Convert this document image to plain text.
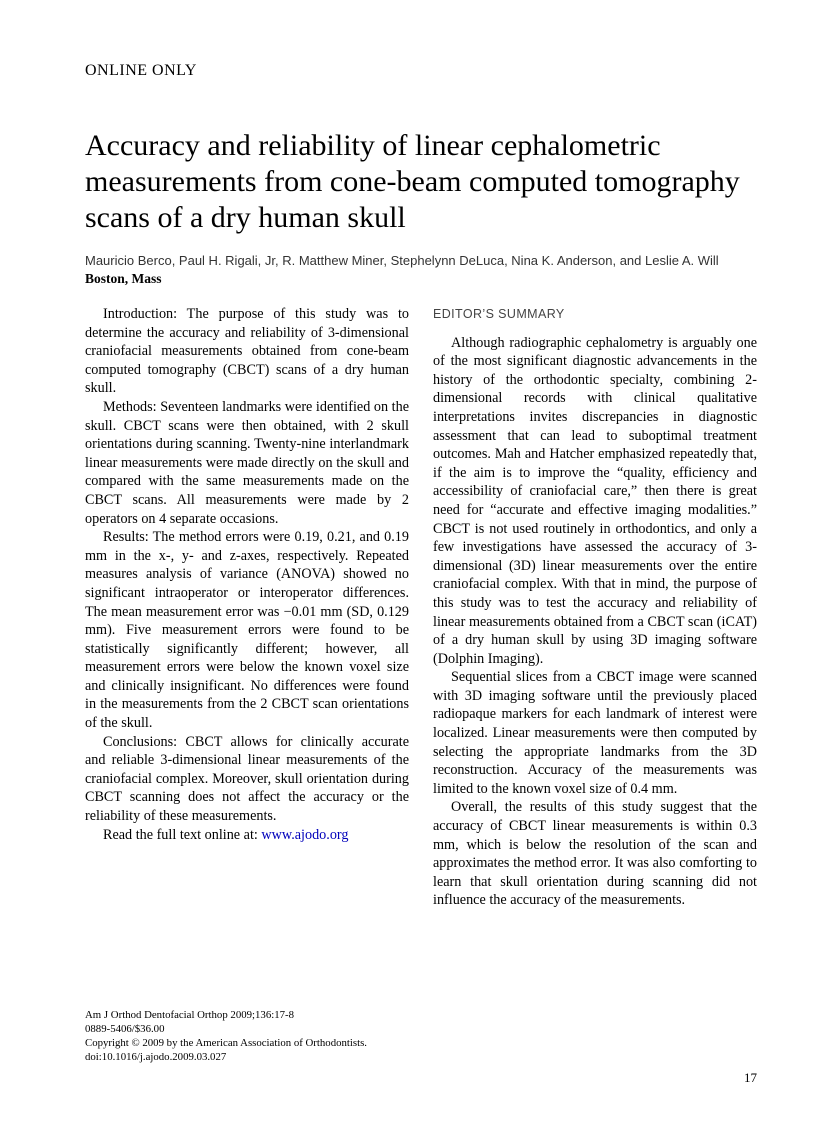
ONLINE ONLY
Accuracy and reliability of linear cephalometric measurements from cone-beam computed tomography scans of a dry human skull
Mauricio Berco, Paul H. Rigali, Jr, R. Matthew Miner, Stephelynn DeLuca, Nina K. Anderson, and Leslie A. Will
Boston, Mass

Introduction: The purpose of this study was to determine the accuracy and reliability of 3-dimensional craniofacial measurements obtained from cone-beam computed tomography (CBCT) scans of a dry human skull.

Methods: Seventeen landmarks were identified on the skull. CBCT scans were then obtained, with 2 skull orientations during scanning. Twenty-nine interlandmark linear measurements were made directly on the skull and compared with the same measurements made on the CBCT scans. All measurements were made by 2 operators on 4 separate occasions.

Results: The method errors were 0.19, 0.21, and 0.19 mm in the x-, y- and z-axes, respectively. Repeated measures analysis of variance (ANOVA) showed no significant intraoperator or interoperator differences. The mean measurement error was −0.01 mm (SD, 0.129 mm). Five measurement errors were found to be statistically significantly different; however, all measurement errors were below the known voxel size and clinically insignificant. No differences were found in the measurements from the 2 CBCT scan orientations of the skull.

Conclusions: CBCT allows for clinically accurate and reliable 3-dimensional linear measurements of the craniofacial complex. Moreover, skull orientation during CBCT scanning does not affect the accuracy or the reliability of these measurements.

Read the full text online at: www.ajodo.org

EDITOR’S SUMMARY

Although radiographic cephalometry is arguably one of the most significant diagnostic advancements in the history of the orthodontic specialty, combining 2-dimensional records with clinical qualitative interpretations invites discrepancies in diagnostic assessment that can lead to suboptimal treatment outcomes. Mah and Hatcher emphasized repeatedly that, if the aim is to improve the “quality, efficiency and accessibility of craniofacial care,” then there is great need for “accurate and effective imaging modalities.” CBCT is not used routinely in orthodontics, and only a few investigations have assessed the accuracy of 3-dimensional (3D) linear measurements over the entire craniofacial complex. With that in mind, the purpose of this study was to test the accuracy and reliability of linear measurements obtained from a CBCT scan (iCAT) of a dry human skull by using 3D imaging software (Dolphin Imaging).

Sequential slices from a CBCT image were scanned with 3D imaging software until the previously placed radiopaque markers for each landmark of interest were localized. Linear measurements were then computed by selecting the appropriate landmarks from the 3D reconstruction. Accuracy of the measurements was limited to the known voxel size of 0.4 mm.

Overall, the results of this study suggest that the accuracy of CBCT linear measurements is within 0.3 mm, which is below the resolution of the scan and approximates the method error. It was also comforting to learn that skull orientation during scanning did not influence the accuracy of the measurements.

Am J Orthod Dentofacial Orthop 2009;136:17-8
0889-5406/$36.00
Copyright © 2009 by the American Association of Orthodontists.
doi:10.1016/j.ajodo.2009.03.027
17
